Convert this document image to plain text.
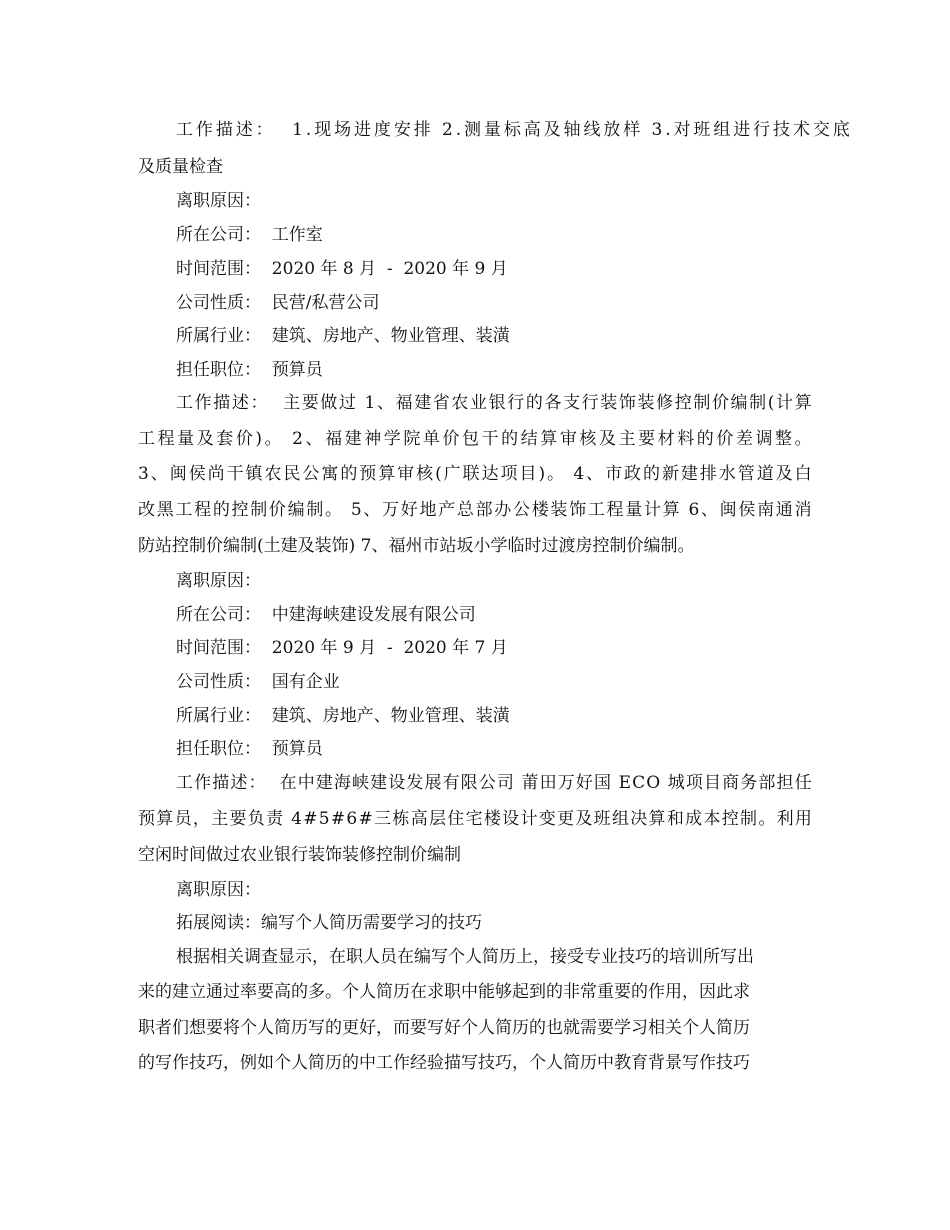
工 作 描 述 ：

1 . 现 场 进 度 安 排
2 . 测 量 标 高 及 轴 线 放 样
3 . 对 班 组 进 行 技 术 交 底
及质量检查
离职原因：
所在公司：  工作室
时间范围：  2020 年 8 月  -  2020 年 9 月
公司性质：  民营/私营公司
所属行业：  建筑、房地产、物业管理、装潢
担任职位：  预算员
工 作 描 述 ：

主 要 做 过
1 、 福 建 省 农 业 银 行 的 各 支 行 装 饰 装 修 控 制 价 编 制 ( 计 算
工 程 量 及 套 价 ) 。
2 、 福 建 神 学 院 单 价 包 干 的 结 算 审 核 及 主 要 材 料 的 价 差 调 整 。
3 、 闽 侯 尚 干 镇 农 民 公 寓 的 预 算 审 核 ( 广 联 达 项 目 ) 。
4 、 市 政 的 新 建 排 水 管 道 及 白
改 黑 工 程 的 控 制 价 编 制 。
5 、 万 好 地 产 总 部 办 公 楼 装 饰 工 程 量 计 算
6 、 闽 侯 南 通 消
防站控制价编制(土建及装饰) 7、福州市站坂小学临时过渡房控制价编制。
离职原因：
所在公司：  中建海峡建设发展有限公司
时间范围：  2020 年 9 月  -  2020 年 7 月
公司性质：  国有企业
所属行业：  建筑、房地产、物业管理、装潢
担任职位：  预算员
工 作 描 述 ：

在 中 建 海 峡 建 设 发 展 有 限 公 司
莆 田 万 好 国
E C O
城 项 目 商 务 部 担 任
预 算 员 ， 主 要 负 责
4 # 5 # 6 # 三 栋 高 层 住 宅 楼 设 计 变 更 及 班 组 决 算 和 成 本 控 制 。 利 用
空闲时间做过农业银行装饰装修控制价编制
离职原因：
拓展阅读：编写个人简历需要学习的技巧
根据相关调查显示，在职人员在编写个人简历上，接受专业技巧的培训所写出
来的建立通过率要高的多。个人简历在求职中能够起到的非常重要的作用，因此求
职者们想要将个人简历写的更好，而要写好个人简历的也就需要学习相关个人简历
的写作技巧，例如个人简历的中工作经验描写技巧，个人简历中教育背景写作技巧
